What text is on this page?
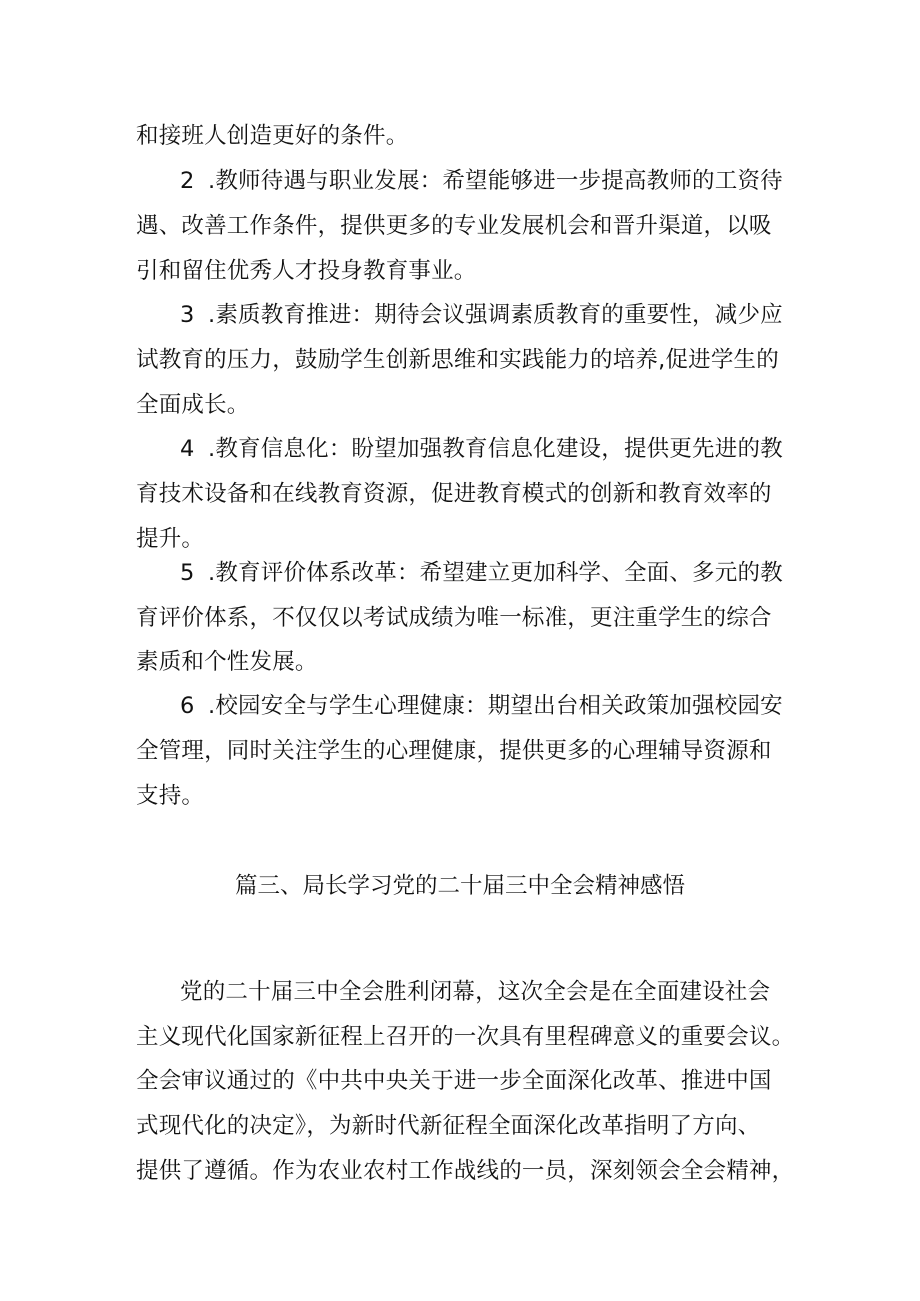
和接班人创造更好的条件。
2 .教师待遇与职业发展：希望能够进一步提高教师的工资待
遇、改善工作条件，提供更多的专业发展机会和晋升渠道，以吸
引和留住优秀人才投身教育事业。
3 .素质教育推进：期待会议强调素质教育的重要性，减少应
试教育的压力，鼓励学生创新思维和实践能力的培养,促进学生的
全面成长。
4 .教育信息化：盼望加强教育信息化建设，提供更先进的教
育技术设备和在线教育资源，促进教育模式的创新和教育效率的
提升。
5 .教育评价体系改革：希望建立更加科学、全面、多元的教
育评价体系，不仅仅以考试成绩为唯一标准，更注重学生的综合
素质和个性发展。
6 .校园安全与学生心理健康：期望出台相关政策加强校园安
全管理，同时关注学生的心理健康，提供更多的心理辅导资源和
支持。
篇三、局长学习党的二十届三中全会精神感悟
党的二十届三中全会胜利闭幕，这次全会是在全面建设社会
主义现代化国家新征程上召开的一次具有里程碑意义的重要会议。
全会审议通过的《中共中央关于进一步全面深化改革、推进中国
式现代化的决定》，为新时代新征程全面深化改革指明了方向、
提供了遵循。作为农业农村工作战线的一员，深刻领会全会精神，
